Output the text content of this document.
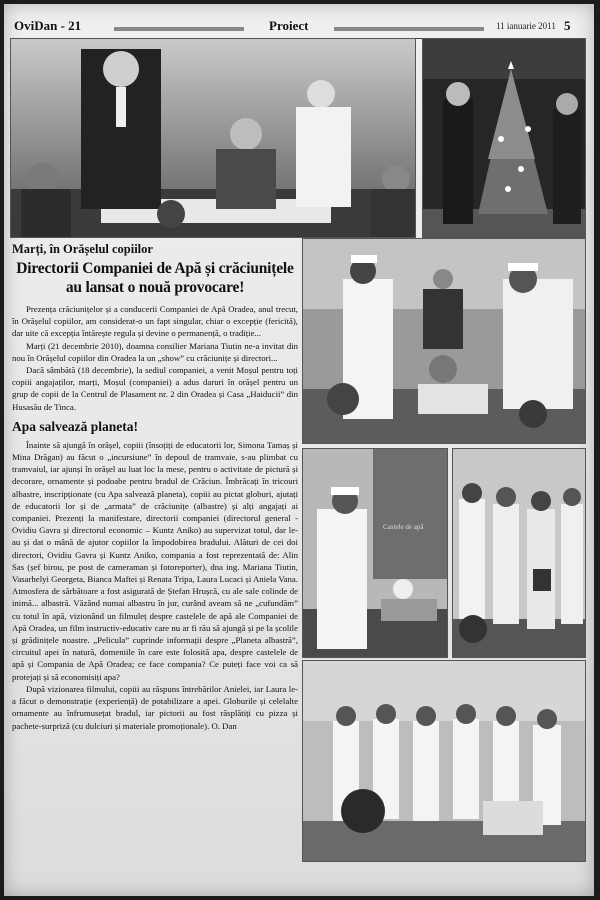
OviDan - 21	Proiect	11 ianuarie 2011 5
Castele de apă

Marți, în Orășelul copiilor

Directorii Companiei de Apă și crăciunițele au lansat o nouă provocare!

Prezența crăciunițelor și a conducerii Companiei de Apă Oradea, anul trecut, în Orășelul copiilor, am considerat-o un fapt singular, chiar o excepție (fericită), dar uite că excepția întărește regula și devine o permanență, o tradiție...

Marți (21 decembrie 2010), doamna consilier Mariana Tiutin ne-a invitat din nou în Orășelul copiilor din Oradea la un „show” cu crăciunițe și directori...

Dacă sâmbătă (18 decembrie), la sediul companiei, a venit Moșul pentru toți copiii angajaților, marți, Moșul (companiei) a adus daruri în orășel pentru un grup de copii de la Centrul de Plasament nr. 2 din Oradea și Casa „Haiducii” din Husasău de Tinca.

Apa salvează planeta!

Înainte să ajungă în orășel, copiii (însoțiți de educatorii lor, Simona Tamaș și Mina Drăgan) au făcut o „incursiune” în depoul de tramvaie, s-au plimbat cu tramvaiul, iar ajunși în orășel au luat loc la mese, pentru o activitate de pictură și decorare, ornamente și podoabe pentru bradul de Crăciun. Îmbrăcați în tricouri albastre, inscripționate (cu Apa salvează planeta), copiii au pictat globuri, ajutați de educatorii lor și de „armata” de crăciunițe (albastre) și alți angajați ai companiei. Prezenți la manifestare, directorii companiei (directorul general - Ovidiu Gavra și directorul economic – Kuntz Aniko) au supervizat totul, dar le-au și dat o mână de ajutor copiilor la împodobirea bradului. Alături de cei doi directori, Ovidiu Gavra și Kuntz Aniko, compania a fost reprezentată de: Alin Sas (șef birou, pe post de cameraman și fotoreporter), dna ing. Mariana Tiutin, Vasarhelyi Georgeta, Bianca Maftei și Renata Tripa, Laura Lucaci și Aniela Vana. Atmosfera de sărbătoare a fost asigurată de Ștefan Hrușcă, cu ale sale colinde de inimă... albastră. Văzând numai albastru în jur, curând aveam să ne „cufundăm” cu totul în apă, vizionând un filmuleț despre castelele de apă ale Companiei de Apă Oradea, un film instructiv-educativ care nu ar fi rău să ajungă și pe la școlile și grădinițele noastre. „Pelicula” cuprinde informații despre „Planeta albastră”, circuitul apei în natură, domeniile în care este folosită apa, despre castelele de apă și Compania de Apă Oradea; ce face compania? Ce puteți face voi ca să protejați și să economisiți apa?

După vizionarea filmului, copiii au răspuns întrebărilor Anielei, iar Laura le-a făcut o demonstrație (experiență) de potabilizare a apei. Globurile și celelalte ornamente au înfrumusețat bradul, iar pictorii au fost răsplătiți cu pizza și pachete-surpriză (cu dulciuri și materiale promoționale). O. Dan
